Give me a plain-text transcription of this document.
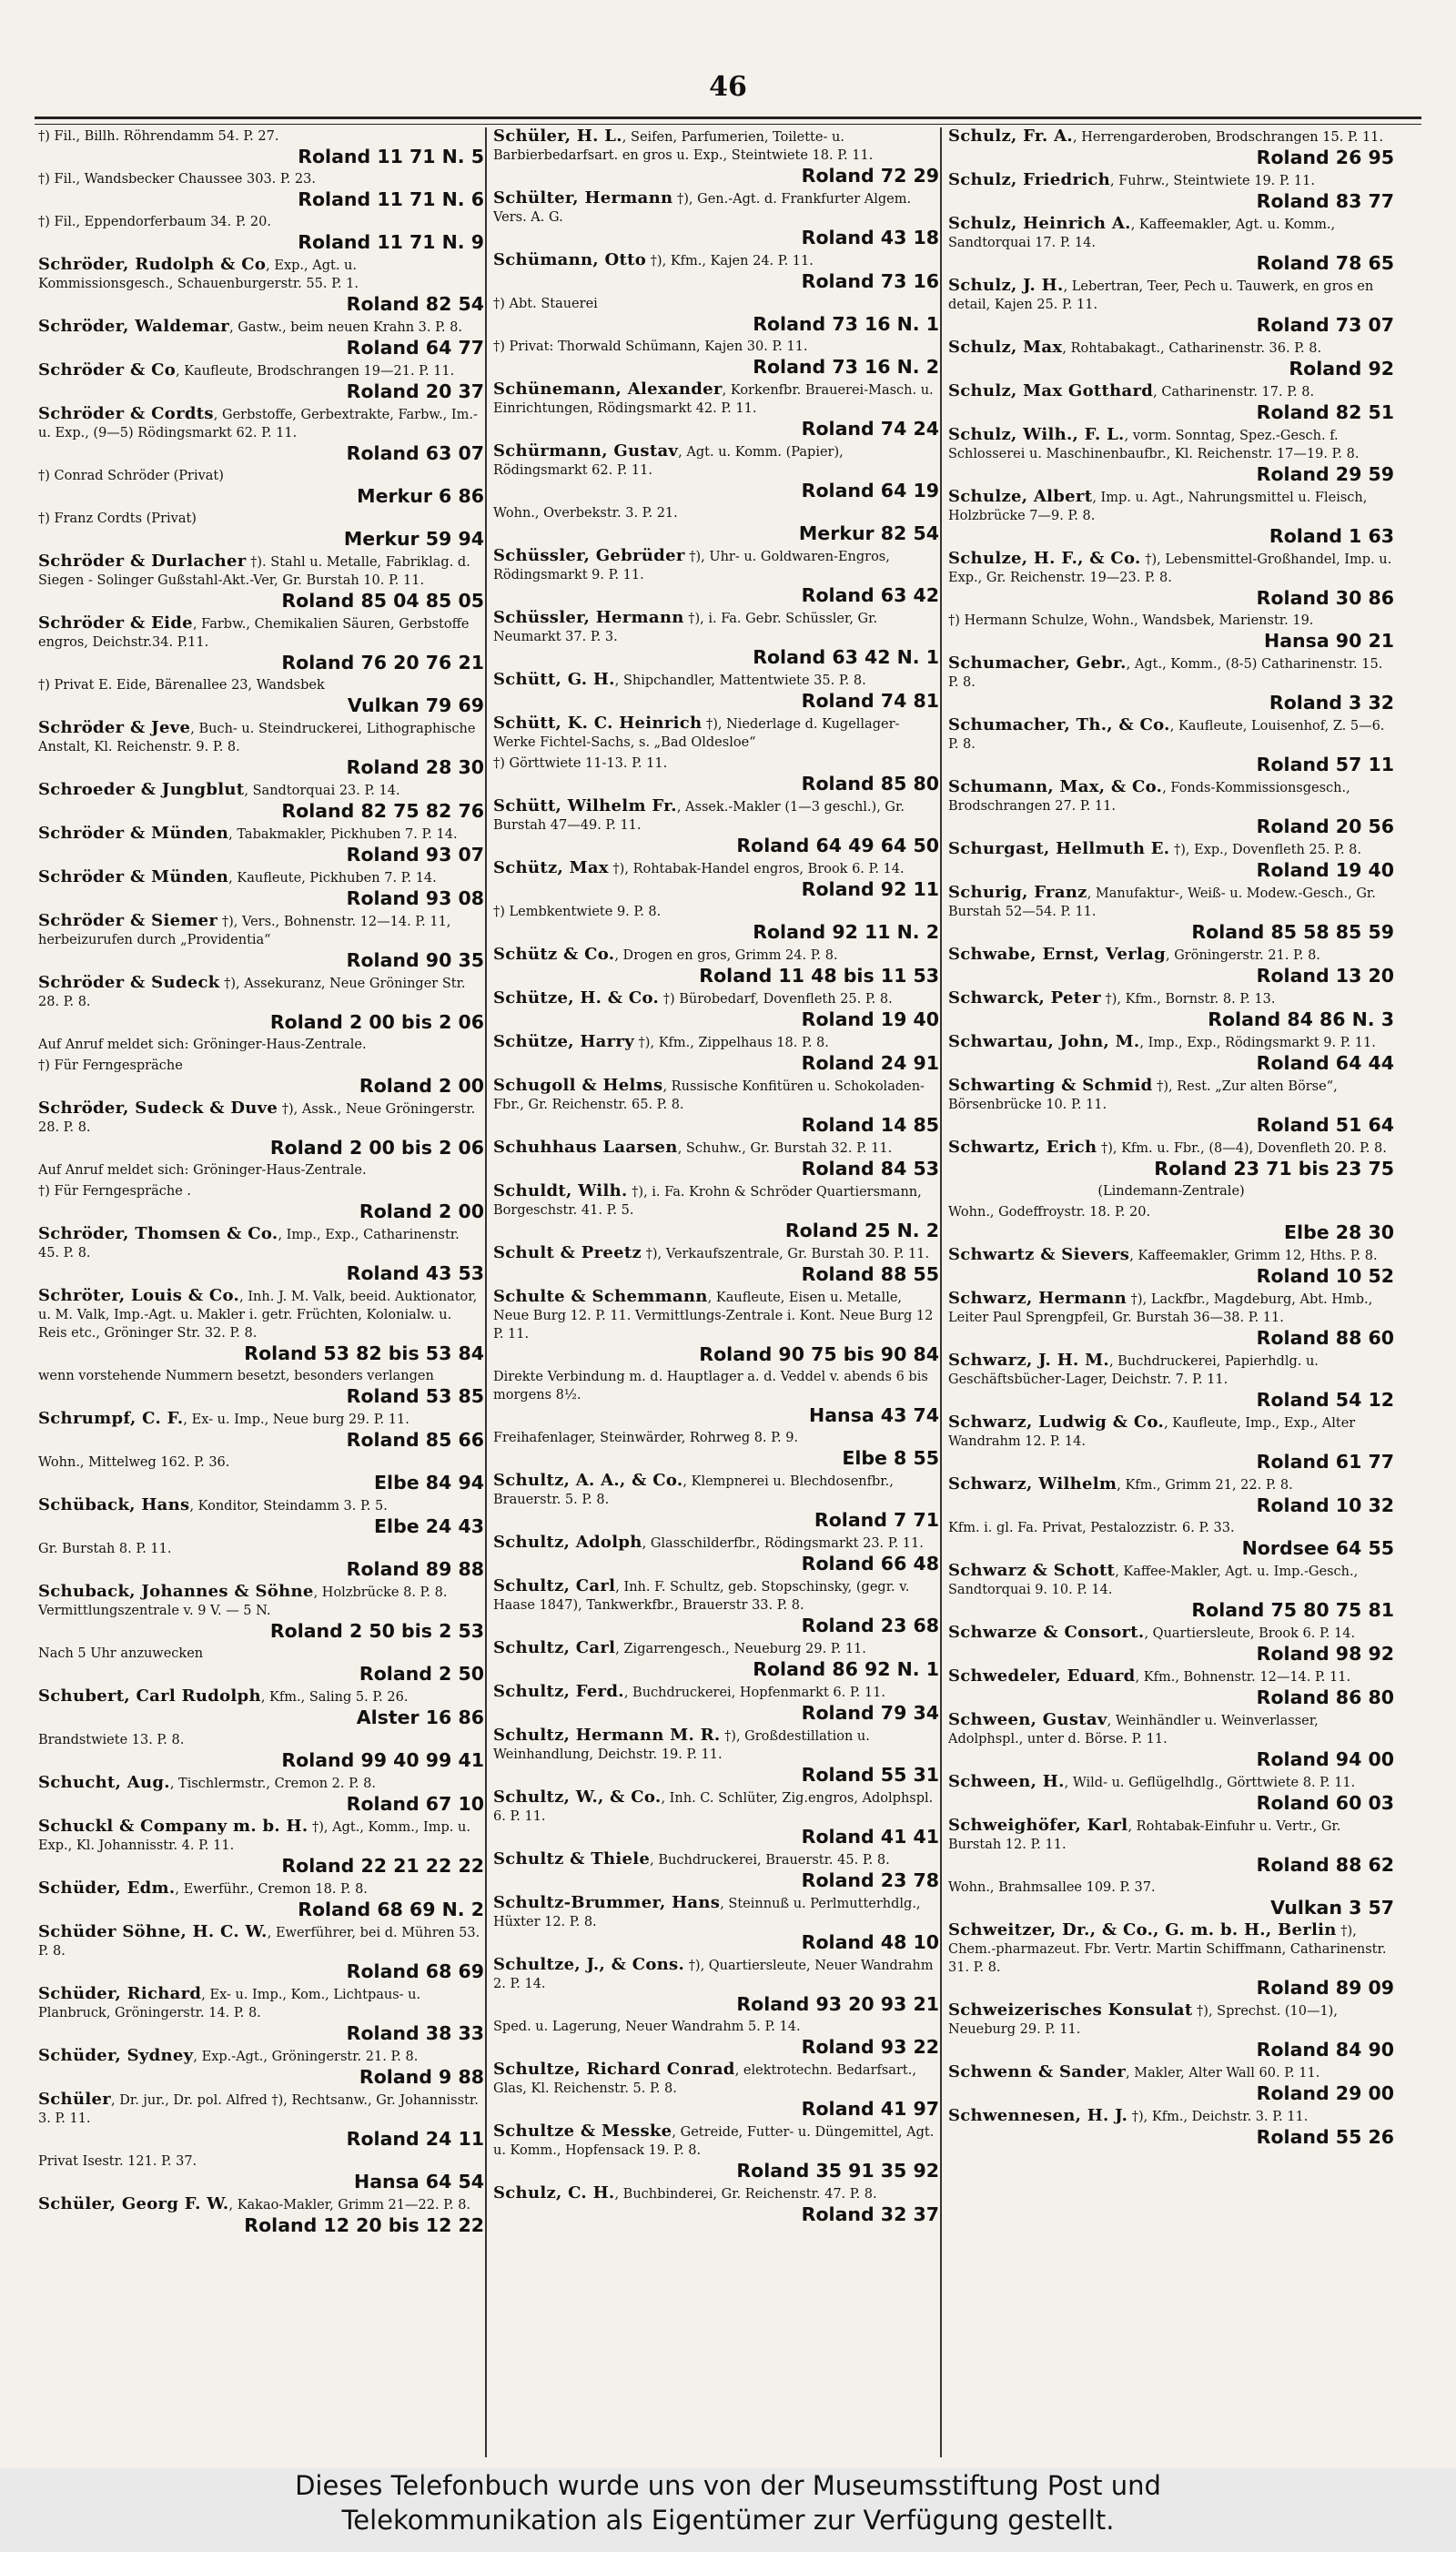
46
†) Fil., Billh. Röhrendamm 54. P. 27.
Roland 11 71 N. 5
†) Fil., Wandsbecker Chaussee 303. P. 23.
Roland 11 71 N. 6
†) Fil., Eppendorferbaum 34. P. 20.
Roland 11 71 N. 9
Schröder, Rudolph & Co, Exp., Agt. u. Kommissionsgesch., Schauenburgerstr. 55. P. 1.
Roland 82 54
Schröder, Waldemar, Gastw., beim neuen Krahn 3. P. 8.
Roland 64 77
Schröder & Co, Kaufleute, Brodschrangen 19—21. P. 11.
Roland 20 37
Schröder & Cordts, Gerbstoffe, Gerbextrakte, Farbw., Im.- u. Exp., (9—5) Rödingsmarkt 62. P. 11.
Roland 63 07
†) Conrad Schröder (Privat)
Merkur 6 86
†) Franz Cordts (Privat)
Merkur 59 94
Schröder & Durlacher †). Stahl u. Metalle, Fabriklag. d. Siegen - Solinger Gußstahl-Akt.-Ver, Gr. Burstah 10. P. 11.
Roland 85 04 85 05
Schröder & Eide, Farbw., Chemikalien Säuren, Gerbstoffe engros, Deichstr.34. P.11.
Roland 76 20 76 21
†) Privat E. Eide, Bärenallee 23, Wandsbek
Vulkan 79 69
Schröder & Jeve, Buch- u. Steindruckerei, Lithographische Anstalt, Kl. Reichenstr. 9. P. 8.
Roland 28 30
Schroeder & Jungblut, Sandtorquai 23. P. 14.
Roland 82 75 82 76
Schröder & Münden, Tabakmakler, Pickhuben 7. P. 14.
Roland 93 07
Schröder & Münden, Kaufleute, Pickhuben 7. P. 14.
Roland 93 08
Schröder & Siemer †), Vers., Bohnenstr. 12—14. P. 11, herbeizurufen durch „Providentia“
Roland 90 35
Schröder & Sudeck †), Assekuranz, Neue Gröninger Str. 28. P. 8.
Roland 2 00 bis 2 06
Auf Anruf meldet sich: Gröninger-Haus-Zentrale.
†) Für Ferngespräche
Roland 2 00
Schröder, Sudeck & Duve †), Assk., Neue Gröningerstr. 28. P. 8.
Roland 2 00 bis 2 06
Auf Anruf meldet sich: Gröninger-Haus-Zentrale.
†) Für Ferngespräche .
Roland 2 00
Schröder, Thomsen & Co., Imp., Exp., Catharinenstr. 45. P. 8.
Roland 43 53
Schröter, Louis & Co., Inh. J. M. Valk, beeid. Auktionator, u. M. Valk, Imp.-Agt. u. Makler i. getr. Früchten, Kolonialw. u. Reis etc., Gröninger Str. 32. P. 8.
Roland 53 82 bis 53 84
wenn vorstehende Nummern besetzt, besonders verlangen
Roland 53 85
Schrumpf, C. F., Ex- u. Imp., Neue burg 29. P. 11.
Roland 85 66
Wohn., Mittelweg 162. P. 36.
Elbe 84 94
Schüback, Hans, Konditor, Steindamm 3. P. 5.
Elbe 24 43
Gr. Burstah 8. P. 11.
Roland 89 88
Schuback, Johannes & Söhne, Holzbrücke 8. P. 8. Vermittlungszentrale v. 9 V. — 5 N.
Roland 2 50 bis 2 53
Nach 5 Uhr anzuwecken
Roland 2 50
Schubert, Carl Rudolph, Kfm., Saling 5. P. 26.
Alster 16 86
Brandstwiete 13. P. 8.
Roland 99 40 99 41
Schucht, Aug., Tischlermstr., Cremon 2. P. 8.
Roland 67 10
Schuckl & Company m. b. H. †), Agt., Komm., Imp. u. Exp., Kl. Johannisstr. 4. P. 11.
Roland 22 21 22 22
Schüder, Edm., Ewerführ., Cremon 18. P. 8.
Roland 68 69 N. 2
Schüder Söhne, H. C. W., Ewerführer, bei d. Mühren 53. P. 8.
Roland 68 69
Schüder, Richard, Ex- u. Imp., Kom., Lichtpaus- u. Planbruck, Gröningerstr. 14. P. 8.
Roland 38 33
Schüder, Sydney, Exp.-Agt., Gröningerstr. 21. P. 8.
Roland 9 88
Schüler, Dr. jur., Dr. pol. Alfred †), Rechtsanw., Gr. Johannisstr. 3. P. 11.
Roland 24 11
Privat Isestr. 121. P. 37.
Hansa 64 54
Schüler, Georg F. W., Kakao-Makler, Grimm 21—22. P. 8.
Roland 12 20 bis 12 22
Schüler, H. L., Seifen, Parfumerien, Toilette- u. Barbierbedarfsart. en gros u. Exp., Steintwiete 18. P. 11.
Roland 72 29
Schülter, Hermann †), Gen.-Agt. d. Frankfurter Algem. Vers. A. G.
Roland 43 18
Schümann, Otto †), Kfm., Kajen 24. P. 11.
Roland 73 16
†) Abt. Stauerei
Roland 73 16 N. 1
†) Privat: Thorwald Schümann, Kajen 30. P. 11.
Roland 73 16 N. 2
Schünemann, Alexander, Korkenfbr. Brauerei-Masch. u. Einrichtungen, Rödingsmarkt 42. P. 11.
Roland 74 24
Schürmann, Gustav, Agt. u. Komm. (Papier), Rödingsmarkt 62. P. 11.
Roland 64 19
Wohn., Overbekstr. 3. P. 21.
Merkur 82 54
Schüssler, Gebrüder †), Uhr- u. Goldwaren-Engros, Rödingsmarkt 9. P. 11.
Roland 63 42
Schüssler, Hermann †), i. Fa. Gebr. Schüssler, Gr. Neumarkt 37. P. 3.
Roland 63 42 N. 1
Schütt, G. H., Shipchandler, Mattentwiete 35. P. 8.
Roland 74 81
Schütt, K. C. Heinrich †), Niederlage d. Kugellager-Werke Fichtel-Sachs, s. „Bad Oldesloe“
†) Görttwiete 11-13. P. 11.
Roland 85 80
Schütt, Wilhelm Fr., Assek.-Makler (1—3 geschl.), Gr. Burstah 47—49. P. 11.
Roland 64 49 64 50
Schütz, Max †), Rohtabak-Handel engros, Brook 6. P. 14.
Roland 92 11
†) Lembkentwiete 9. P. 8.
Roland 92 11 N. 2
Schütz & Co., Drogen en gros, Grimm 24. P. 8.
Roland 11 48 bis 11 53
Schütze, H. & Co. †) Bürobedarf, Dovenfleth 25. P. 8.
Roland 19 40
Schütze, Harry †), Kfm., Zippelhaus 18. P. 8.
Roland 24 91
Schugoll & Helms, Russische Konfitüren u. Schokoladen-Fbr., Gr. Reichenstr. 65. P. 8.
Roland 14 85
Schuhhaus Laarsen, Schuhw., Gr. Burstah 32. P. 11.
Roland 84 53
Schuldt, Wilh. †), i. Fa. Krohn & Schröder Quartiersmann, Borgeschstr. 41. P. 5.
Roland 25 N. 2
Schult & Preetz †), Verkaufszentrale, Gr. Burstah 30. P. 11.
Roland 88 55
Schulte & Schemmann, Kaufleute, Eisen u. Metalle, Neue Burg 12. P. 11. Vermittlungs-Zentrale i. Kont. Neue Burg 12 P. 11.
Roland 90 75 bis 90 84
Direkte Verbindung m. d. Hauptlager a. d. Veddel v. abends 6 bis morgens 8½.
Hansa 43 74
Freihafenlager, Steinwärder, Rohrweg 8. P. 9.
Elbe 8 55
Schultz, A. A., & Co., Klempnerei u. Blechdosenfbr., Brauerstr. 5. P. 8.
Roland 7 71
Schultz, Adolph, Glasschilderfbr., Rödingsmarkt 23. P. 11.
Roland 66 48
Schultz, Carl, Inh. F. Schultz, geb. Stopschinsky, (gegr. v. Haase 1847), Tankwerkfbr., Brauerstr 33. P. 8.
Roland 23 68
Schultz, Carl, Zigarrengesch., Neueburg 29. P. 11.
Roland 86 92 N. 1
Schultz, Ferd., Buchdruckerei, Hopfenmarkt 6. P. 11.
Roland 79 34
Schultz, Hermann M. R. †), Großdestillation u. Weinhandlung, Deichstr. 19. P. 11.
Roland 55 31
Schultz, W., & Co., Inh. C. Schlüter, Zig.engros, Adolphspl. 6. P. 11.
Roland 41 41
Schultz & Thiele, Buchdruckerei, Brauerstr. 45. P. 8.
Roland 23 78
Schultz-Brummer, Hans, Steinnuß u. Perlmutterhdlg., Hüxter 12. P. 8.
Roland 48 10
Schultze, J., & Cons. †), Quartiersleute, Neuer Wandrahm 2. P. 14.
Roland 93 20 93 21
Sped. u. Lagerung, Neuer Wandrahm 5. P. 14.
Roland 93 22
Schultze, Richard Conrad, elektrotechn. Bedarfsart., Glas, Kl. Reichenstr. 5. P. 8.
Roland 41 97
Schultze & Messke, Getreide, Futter- u. Düngemittel, Agt. u. Komm., Hopfensack 19. P. 8.
Roland 35 91 35 92
Schulz, C. H., Buchbinderei, Gr. Reichenstr. 47. P. 8.
Roland 32 37
Schulz, Fr. A., Herrengarderoben, Brodschrangen 15. P. 11.
Roland 26 95
Schulz, Friedrich, Fuhrw., Steintwiete 19. P. 11.
Roland 83 77
Schulz, Heinrich A., Kaffeemakler, Agt. u. Komm., Sandtorquai 17. P. 14.
Roland 78 65
Schulz, J. H., Lebertran, Teer, Pech u. Tauwerk, en gros en detail, Kajen 25. P. 11.
Roland 73 07
Schulz, Max, Rohtabakagt., Catharinenstr. 36. P. 8.
Roland 92
Schulz, Max Gotthard, Catharinenstr. 17. P. 8.
Roland 82 51
Schulz, Wilh., F. L., vorm. Sonntag, Spez.-Gesch. f. Schlosserei u. Maschinenbaufbr., Kl. Reichenstr. 17—19. P. 8.
Roland 29 59
Schulze, Albert, Imp. u. Agt., Nahrungsmittel u. Fleisch, Holzbrücke 7—9. P. 8.
Roland 1 63
Schulze, H. F., & Co. †), Lebensmittel-Großhandel, Imp. u. Exp., Gr. Reichenstr. 19—23. P. 8.
Roland 30 86
†) Hermann Schulze, Wohn., Wandsbek, Marienstr. 19.
Hansa 90 21
Schumacher, Gebr., Agt., Komm., (8-5) Catharinenstr. 15. P. 8.
Roland 3 32
Schumacher, Th., & Co., Kaufleute, Louisenhof, Z. 5—6. P. 8.
Roland 57 11
Schumann, Max, & Co., Fonds-Kommissionsgesch., Brodschrangen 27. P. 11.
Roland 20 56
Schurgast, Hellmuth E. †), Exp., Dovenfleth 25. P. 8.
Roland 19 40
Schurig, Franz, Manufaktur-, Weiß- u. Modew.-Gesch., Gr. Burstah 52—54. P. 11.
Roland 85 58 85 59
Schwabe, Ernst, Verlag, Gröningerstr. 21. P. 8.
Roland 13 20
Schwarck, Peter †), Kfm., Bornstr. 8. P. 13.
Roland 84 86 N. 3
Schwartau, John, M., Imp., Exp., Rödingsmarkt 9. P. 11.
Roland 64 44
Schwarting & Schmid †), Rest. „Zur alten Börse“, Börsenbrücke 10. P. 11.
Roland 51 64
Schwartz, Erich †), Kfm. u. Fbr., (8—4), Dovenfleth 20. P. 8.
Roland 23 71 bis 23 75
(Lindemann-Zentrale)
Wohn., Godeffroystr. 18. P. 20.
Elbe 28 30
Schwartz & Sievers, Kaffeemakler, Grimm 12, Hths. P. 8.
Roland 10 52
Schwarz, Hermann †), Lackfbr., Magdeburg, Abt. Hmb., Leiter Paul Sprengpfeil, Gr. Burstah 36—38. P. 11.
Roland 88 60
Schwarz, J. H. M., Buchdruckerei, Papierhdlg. u. Geschäftsbücher-Lager, Deichstr. 7. P. 11.
Roland 54 12
Schwarz, Ludwig & Co., Kaufleute, Imp., Exp., Alter Wandrahm 12. P. 14.
Roland 61 77
Schwarz, Wilhelm, Kfm., Grimm 21, 22. P. 8.
Roland 10 32
Kfm. i. gl. Fa. Privat, Pestalozzistr. 6. P. 33.
Nordsee 64 55
Schwarz & Schott, Kaffee-Makler, Agt. u. Imp.-Gesch., Sandtorquai 9. 10. P. 14.
Roland 75 80 75 81
Schwarze & Consort., Quartiersleute, Brook 6. P. 14.
Roland 98 92
Schwedeler, Eduard, Kfm., Bohnenstr. 12—14. P. 11.
Roland 86 80
Schween, Gustav, Weinhändler u. Weinverlasser, Adolphspl., unter d. Börse. P. 11.
Roland 94 00
Schween, H., Wild- u. Geflügelhdlg., Görttwiete 8. P. 11.
Roland 60 03
Schweighöfer, Karl, Rohtabak-Einfuhr u. Vertr., Gr. Burstah 12. P. 11.
Roland 88 62
Wohn., Brahmsallee 109. P. 37.
Vulkan 3 57
Schweitzer, Dr., & Co., G. m. b. H., Berlin †), Chem.-pharmazeut. Fbr. Vertr. Martin Schiffmann, Catharinenstr. 31. P. 8.
Roland 89 09
Schweizerisches Konsulat †), Sprechst. (10—1), Neueburg 29. P. 11.
Roland 84 90
Schwenn & Sander, Makler, Alter Wall 60. P. 11.
Roland 29 00
Schwennesen, H. J. †), Kfm., Deichstr. 3. P. 11.
Roland 55 26
Dieses Telefonbuch wurde uns von der Museumsstiftung Post und
Telekommunikation als Eigentümer zur Verfügung gestellt.
